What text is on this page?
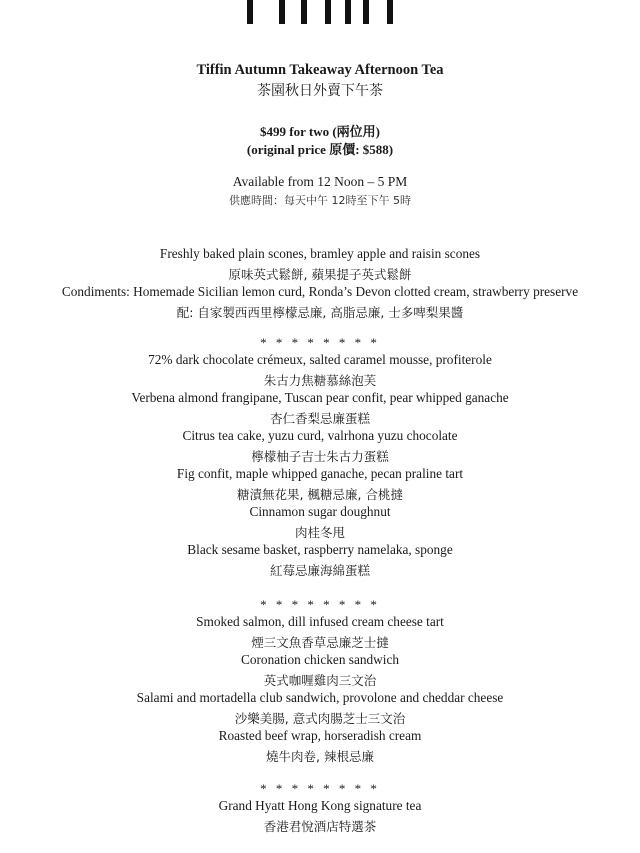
Tiffin Autumn Takeaway Afternoon Tea
茶園秋日外賣下午茶
$499 for two (兩位用)
(original price 原價: $588)
Available from 12 Noon – 5 PM
供應時間：每天中午 12時至下午 5時
Freshly baked plain scones, bramley apple and raisin scones
原味英式鬆餅, 蘋果提子英式鬆餅
Condiments: Homemade Sicilian lemon curd, Ronda’s Devon clotted cream, strawberry preserve
配: 自家製西西里檸檬忌廉, 高脂忌廉, 士多啤梨果醬
* * * * * * * *
72% dark chocolate crémeux, salted caramel mousse, profiterole
朱古力焦糖慕絲泡芙
Verbena almond frangipane, Tuscan pear confit, pear whipped ganache
杏仁香梨忌廉蛋糕
Citrus tea cake, yuzu curd, valrhona yuzu chocolate
檸檬柚子吉士朱古力蛋糕
Fig confit, maple whipped ganache, pecan praline tart
糖漬無花果, 楓糖忌廉, 合桃撻
Cinnamon sugar doughnut
肉桂冬甩
Black sesame basket, raspberry namelaka, sponge
紅莓忌廉海綿蛋糕
* * * * * * * *
Smoked salmon, dill infused cream cheese tart
煙三文魚香草忌廉芝士撻
Coronation chicken sandwich
英式咖喱雞肉三文治
Salami and mortadella club sandwich, provolone and cheddar cheese
沙樂美腸, 意式肉腸芝士三文治
Roasted beef wrap, horseradish cream
燒牛肉卷, 辣根忌廉
* * * * * * * *
Grand Hyatt Hong Kong signature tea
香港君悅酒店特選茶
